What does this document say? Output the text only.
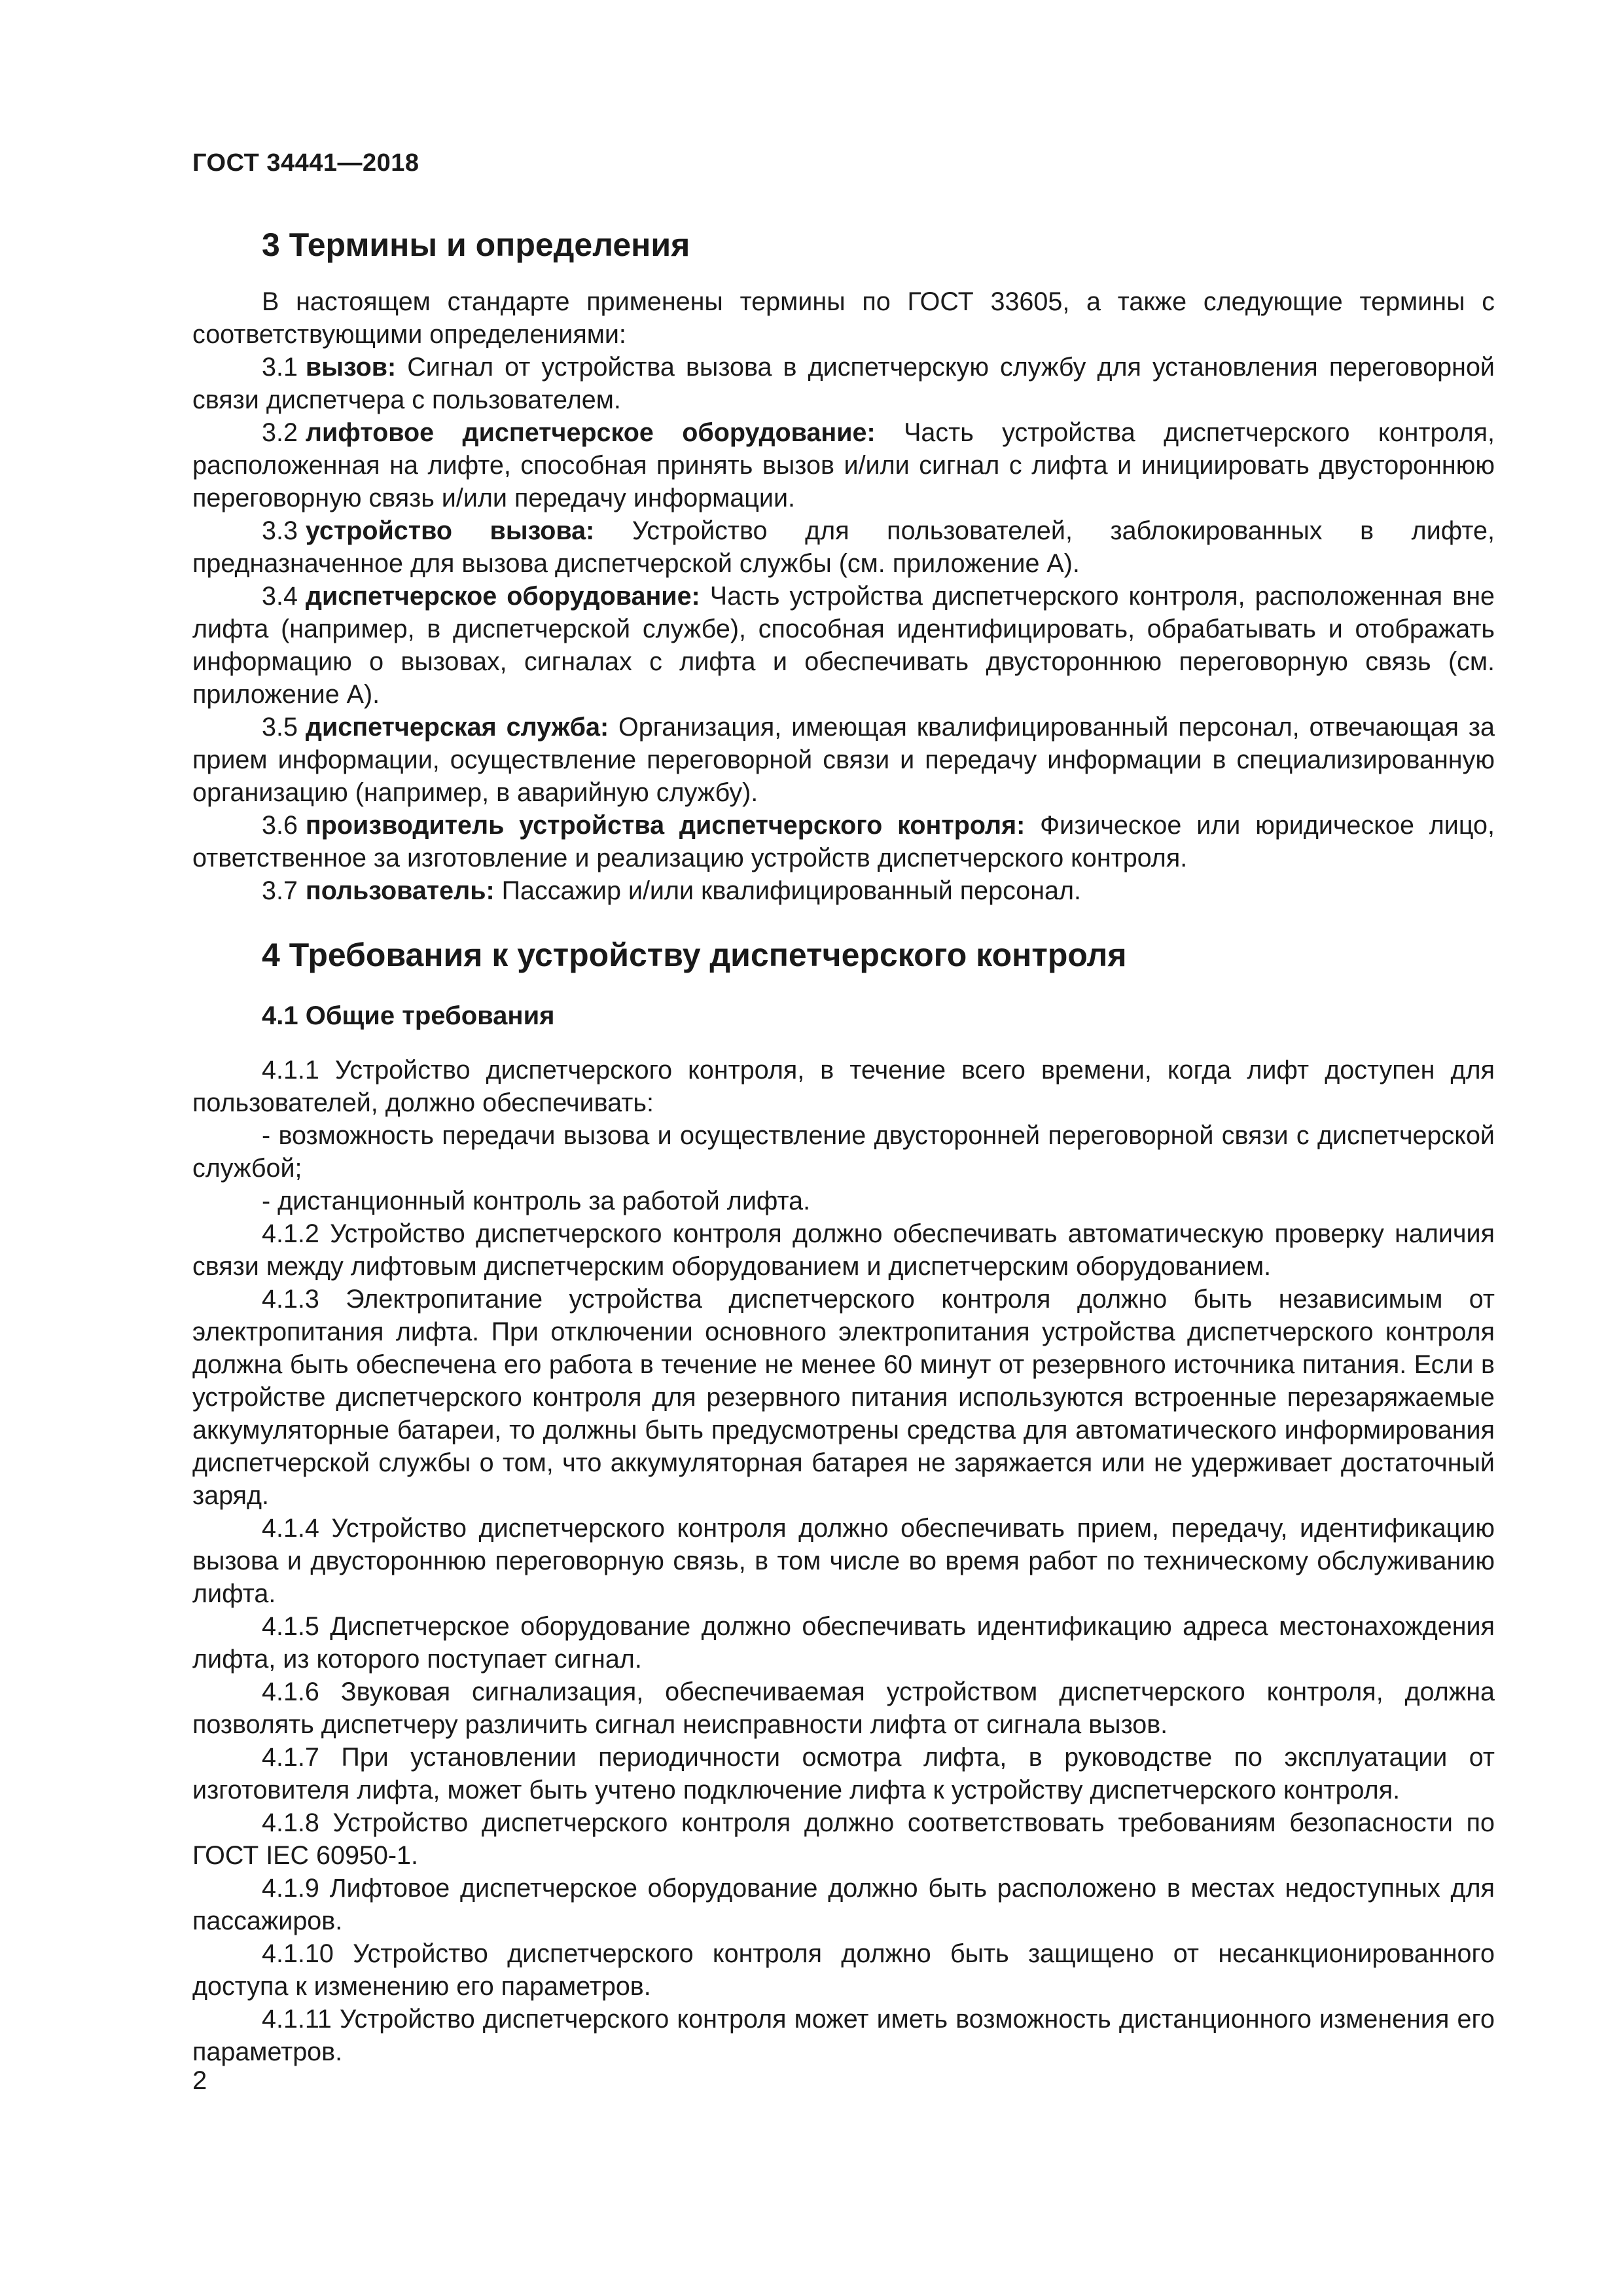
ГОСТ 34441—2018
3 Термины и определения

В настоящем стандарте применены термины по ГОСТ 33605, а также следующие термины с соответствующими определениями:

3.1 вызов: Сигнал от устройства вызова в диспетчерскую службу для установления переговорной связи диспетчера с пользователем.

3.2 лифтовое диспетчерское оборудование: Часть устройства диспетчерского контроля, расположенная на лифте, способная принять вызов и/или сигнал с лифта и инициировать двустороннюю переговорную связь и/или передачу информации.

3.3 устройство вызова: Устройство для пользователей, заблокированных в лифте, предназначенное для вызова диспетчерской службы (см. приложение А).

3.4 диспетчерское оборудование: Часть устройства диспетчерского контроля, расположенная вне лифта (например, в диспетчерской службе), способная идентифицировать, обрабатывать и отображать информацию о вызовах, сигналах с лифта и обеспечивать двустороннюю переговорную связь (см. приложение А).

3.5 диспетчерская служба: Организация, имеющая квалифицированный персонал, отвечающая за прием информации, осуществление переговорной связи и передачу информации в специализированную организацию (например, в аварийную службу).

3.6 производитель устройства диспетчерского контроля: Физическое или юридическое лицо, ответственное за изготовление и реализацию устройств диспетчерского контроля.

3.7 пользователь: Пассажир и/или квалифицированный персонал.

4 Требования к устройству диспетчерского контроля
4.1 Общие требования

4.1.1 Устройство диспетчерского контроля, в течение всего времени, когда лифт доступен для пользователей, должно обеспечивать:

- возможность передачи вызова и осуществление двусторонней переговорной связи с диспетчерской службой;

- дистанционный контроль за работой лифта.

4.1.2 Устройство диспетчерского контроля должно обеспечивать автоматическую проверку наличия связи между лифтовым диспетчерским оборудованием и диспетчерским оборудованием.

4.1.3 Электропитание устройства диспетчерского контроля должно быть независимым от электропитания лифта. При отключении основного электропитания устройства диспетчерского контроля должна быть обеспечена его работа в течение не менее 60 минут от резервного источника питания. Если в устройстве диспетчерского контроля для резервного питания используются встроенные перезаряжаемые аккумуляторные батареи, то должны быть предусмотрены средства для автоматического информирования диспетчерской службы о том, что аккумуляторная батарея не заряжается или не удерживает достаточный заряд.

4.1.4 Устройство диспетчерского контроля должно обеспечивать прием, передачу, идентификацию вызова и двустороннюю переговорную связь, в том числе во время работ по техническому обслуживанию лифта.

4.1.5 Диспетчерское оборудование должно обеспечивать идентификацию адреса местонахождения лифта, из которого поступает сигнал.

4.1.6 Звуковая сигнализация, обеспечиваемая устройством диспетчерского контроля, должна позволять диспетчеру различить сигнал неисправности лифта от сигнала вызов.

4.1.7 При установлении периодичности осмотра лифта, в руководстве по эксплуатации от изготовителя лифта, может быть учтено подключение лифта к устройству диспетчерского контроля.

4.1.8 Устройство диспетчерского контроля должно соответствовать требованиям безопасности по ГОСТ IEC 60950-1.

4.1.9 Лифтовое диспетчерское оборудование должно быть расположено в местах недоступных для пассажиров.

4.1.10 Устройство диспетчерского контроля должно быть защищено от несанкционированного доступа к изменению его параметров.

4.1.11 Устройство диспетчерского контроля может иметь возможность дистанционного изменения его параметров.

2
